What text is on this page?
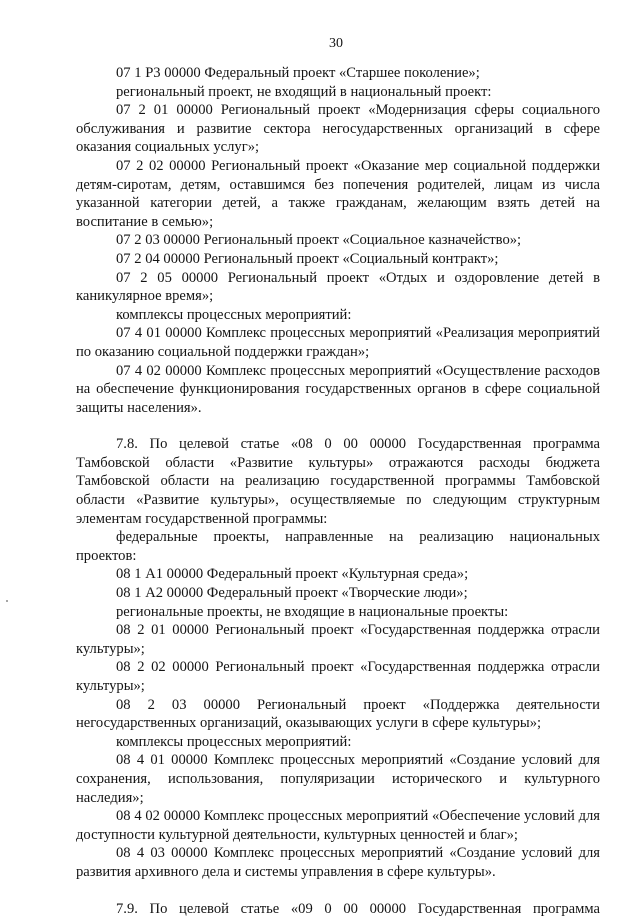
30

07 1 Р3 00000 Федеральный проект «Старшее поколение»;

региональный проект, не входящий в национальный проект:

07 2 01 00000 Региональный проект «Модернизация сферы социального обслуживания и развитие сектора негосударственных организаций в сфере оказания социальных услуг»;

07 2 02 00000 Региональный проект «Оказание мер социальной поддержки детям-сиротам, детям, оставшимся без попечения родителей, лицам из числа указанной категории детей, а также гражданам, желающим взять детей на воспитание в семью»;

07 2 03 00000 Региональный проект «Социальное казначейство»;

07 2 04 00000 Региональный проект «Социальный контракт»;

07 2 05 00000 Региональный проект «Отдых и оздоровление детей в каникулярное время»;

комплексы процессных мероприятий:

07 4 01 00000 Комплекс процессных мероприятий «Реализация мероприятий по оказанию социальной поддержки граждан»;

07 4 02 00000 Комплекс процессных мероприятий «Осуществление расходов на обеспечение функционирования государственных органов в сфере социальной защиты населения».

7.8. По целевой статье «08 0 00 00000 Государственная программа Тамбовской области «Развитие культуры» отражаются расходы бюджета Тамбовской области на реализацию государственной программы Тамбовской области «Развитие культуры», осуществляемые по следующим структурным элементам государственной программы:

федеральные проекты, направленные на реализацию национальных проектов:

08 1 А1 00000 Федеральный проект «Культурная среда»;

08 1 А2 00000 Федеральный проект «Творческие люди»;

региональные проекты, не входящие в национальные проекты:

08 2 01 00000 Региональный проект «Государственная поддержка отрасли культуры»;

08 2 02 00000 Региональный проект «Государственная поддержка отрасли культуры»;

08 2 03 00000 Региональный проект «Поддержка деятельности негосударственных организаций, оказывающих услуги в сфере культуры»;

комплексы процессных мероприятий:

08 4 01 00000 Комплекс процессных мероприятий «Создание условий для сохранения, использования, популяризации исторического и культурного наследия»;

08 4 02 00000 Комплекс процессных мероприятий «Обеспечение условий для доступности культурной деятельности, культурных ценностей и благ»;

08 4 03 00000 Комплекс процессных мероприятий «Создание условий для развития архивного дела и системы управления в сфере культуры».

7.9. По целевой статье «09 0 00 00000 Государственная программа
